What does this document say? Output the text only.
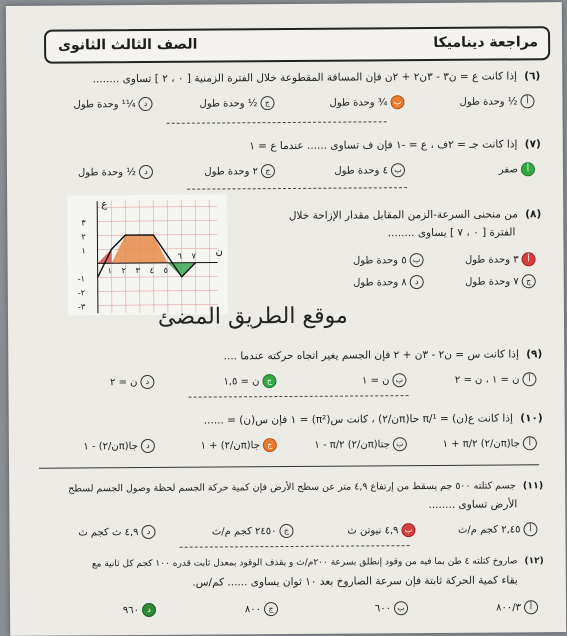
مراجعة ديناميكا
الصف الثالث الثانوى
(٦) إذا كانت ع = ن٣ - ٣ن٢ + ٢ن فإن المسافة المقطوعة خلال الفترة الزمنية [ ٠ ، ٢ ] تساوى ........
أ½ وحدة طول
ب¾ وحدة طول
ج½ وحدة طول
د¼¹ وحدة طول
(٧) إذا كانت جـ = ٢ف ، ع = -١ فإن ف تساوى ...... عندما ع = ١
أصفر
ب٤ وحدة طول
ج٢ وحدة طول
د½ وحدة طول
(٨) من منحنى السرعة-الزمن المقابل مقدار الإزاحة خلال
الفترة [ ٠ ، ٧ ] يساوى ........
أ٣ وحدة طول
ب٥ وحدة طول
ج٧ وحدة طول
د٨ وحدة طول
ع
ن
٣
٢
١
-١
-٢
-٣
١ ٢ ٣ ٤ ٥
٦ ٧
موقع الطريق المضئ
(٩) إذا كانت س = ن٢ - ٣ن + ٢ فإن الجسم يغير اتجاه حركته عندما ....
أن = ١ ، ن = ٢
بن = ١
جن = ١,٥
دن = ٢
(١٠) إذا كانت ع(ن) = ¹/π حا(πن/٢) ، كانت س(π²) = ١ فإن س(ن) = ......
أجا(πن/٢) ٢/π + ١
بجتا(πن/٢) ٢/π - ١
ججا(πن/٢) + ١
دجا(πن/٢) - ١
(١١) جسم كتلته ٥٠٠ جم يسقط من إرتفاع ٤,٩ متر عن سطح الأرض فإن كمية حركة الجسم لحظة وصول الجسم لسطح
الأرض تساوى ........
أ٢,٤٥ كجم م/ث
ب٤,٩ نيوتن ث
ج٢٤٥٠ كجم م/ث
د٤,٩ ث كجم ث
(١٢) صاروخ كتلته ٤ طن بما فيه من وقود إنطلق بسرعة ٢٠٠م/ث و يقذف الوقود بمعدل ثابت قدره ١٠٠ كجم كل ثانية مع
بقاء كمية الحركة ثابتة فإن سرعة الصاروخ بعد ١٠ ثوان يساوى ...... كم/س.
أ٨٠٠/٣
ب٦٠٠
ج٨٠٠
د٩٦٠
